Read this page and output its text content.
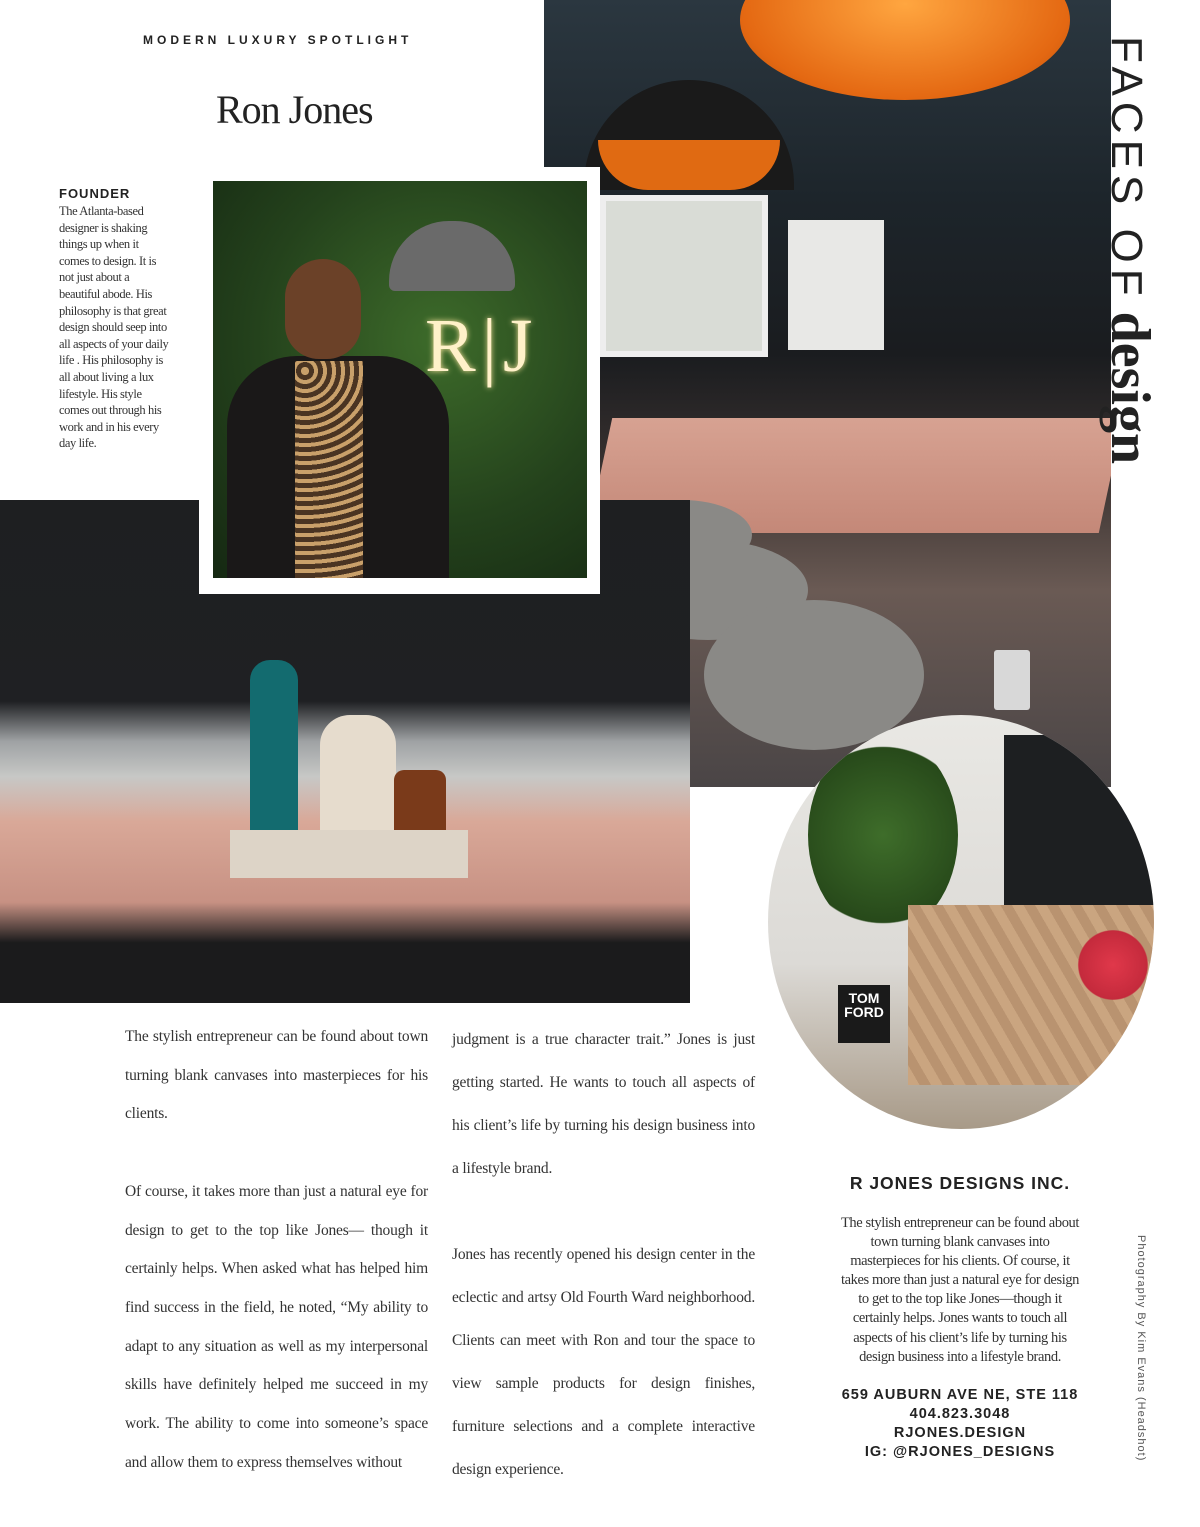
MODERN LUXURY SPOTLIGHT
Ron Jones
FOUNDER
The Atlanta-based designer is shaking things up when it comes to design. It is not just about a beautiful abode. His philosophy is that great design should seep into all aspects of your daily life . His philosophy is all about living a lux lifestyle. His style comes out through his work and in his every day life.
R|J
FACES OFdesign
TOM FORD

The stylish entrepreneur can be found about town turning blank canvases into masterpieces for his clients.

Of course, it takes more than just a natural eye for design to get to the top like Jones— though it certainly helps. When asked what has helped him find success in the field, he noted, “My ability to adapt to any situation as well as my interpersonal skills have definitely helped me succeed in my work. The ability to come into someone’s space and allow them to express themselves without

judgment is a true character trait.” Jones is just getting started. He wants to touch all aspects of his client’s life by turning his design business into a lifestyle brand.

Jones has recently opened his design center in the eclectic and artsy Old Fourth Ward neighborhood. Clients can meet with Ron and tour the space to view sample products for design finishes, furniture selections and a complete interactive design experience.

R JONES DESIGNS INC.
The stylish entrepreneur can be found about town turning blank canvases into masterpieces for his clients. Of course, it takes more than just a natural eye for design to get to the top like Jones—though it certainly helps. Jones wants to touch all aspects of his client’s life by turning his design business into a lifestyle brand.
659 AUBURN AVE NE, STE 118
404.823.3048
RJONES.DESIGN
IG: @RJONES_DESIGNS	Photography By Kim Evans (Headshot)
